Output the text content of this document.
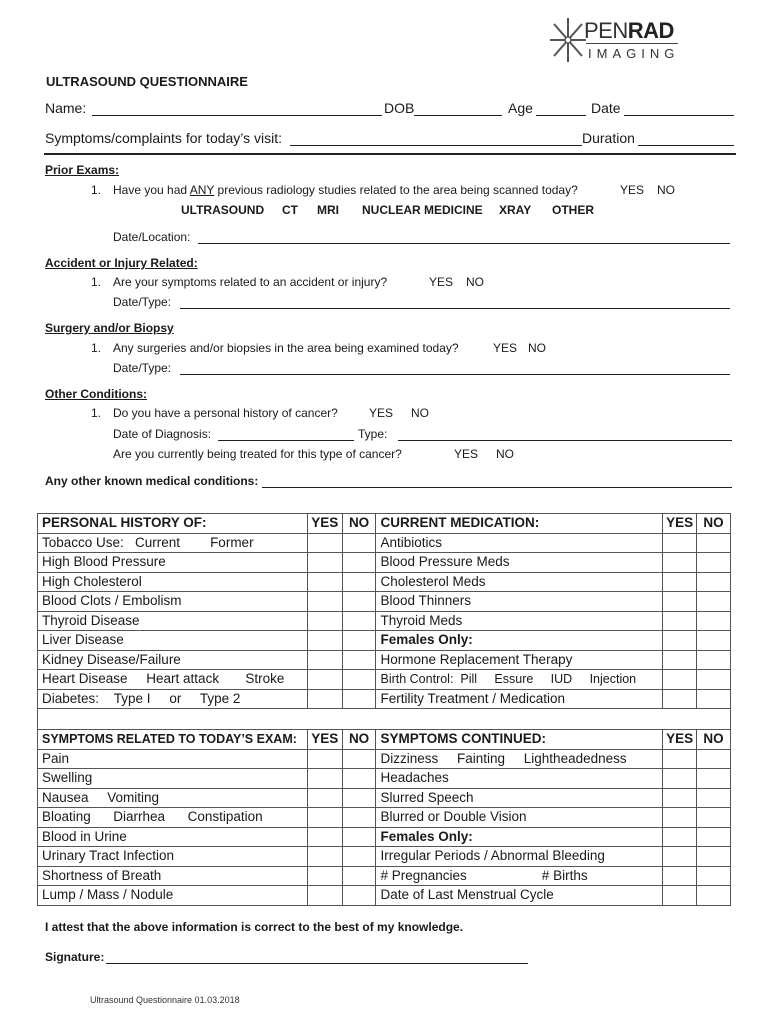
PENRAD
IMAGING
ULTRASOUND QUESTIONNAIRE
Name:	DOB	Age	Date
Symptoms/complaints for today’s visit:	Duration
Prior Exams:
1. Have you had ANY previous radiology studies related to the area being scanned today?	YES NO
ULTRASOUND CT MRI NUCLEAR MEDICINE XRAY OTHER
Date/Location:
Accident or Injury Related:
1. Are your symptoms related to an accident or injury?	YES NO
Date/Type:
Surgery and/or Biopsy
1. Any surgeries and/or biopsies in the area being examined today?	YES NO
Date/Type:
Other Conditions:
1. Do you have a personal history of cancer?	YES NO
Date of Diagnosis:	Type:
Are you currently being treated for this type of cancer?	YES NO
Any other known medical conditions:
PERSONAL HISTORY OF:	YES	NO	CURRENT MEDICATION:	YES	NO
Tobacco Use:   Current        Former			Antibiotics		
High Blood Pressure			Blood Pressure Meds		
High Cholesterol			Cholesterol Meds		
Blood Clots / Embolism			Blood Thinners		
Thyroid Disease			Thyroid Meds		
Liver Disease			Females Only:		
Kidney Disease/Failure			Hormone Replacement Therapy		
Heart Disease     Heart attack       Stroke			Birth Control:  Pill     Essure     IUD     Injection		
Diabetes:    Type I     or     Type 2			Fertility Treatment / Medication		

SYMPTOMS RELATED TO TODAY’S EXAM:	YES	NO	SYMPTOMS CONTINUED:	YES	NO
Pain			Dizziness     Fainting     Lightheadedness		
Swelling			Headaches		
Nausea     Vomiting			Slurred Speech		
Bloating      Diarrhea      Constipation			Blurred or Double Vision		
Blood in Urine			Females Only:		
Urinary Tract Infection			Irregular Periods / Abnormal Bleeding		
Shortness of Breath			# Pregnancies                    # Births		
Lump / Mass / Nodule			Date of Last Menstrual Cycle		
I attest that the above information is correct to the best of my knowledge.
Signature:
Ultrasound Questionnaire 01.03.2018
